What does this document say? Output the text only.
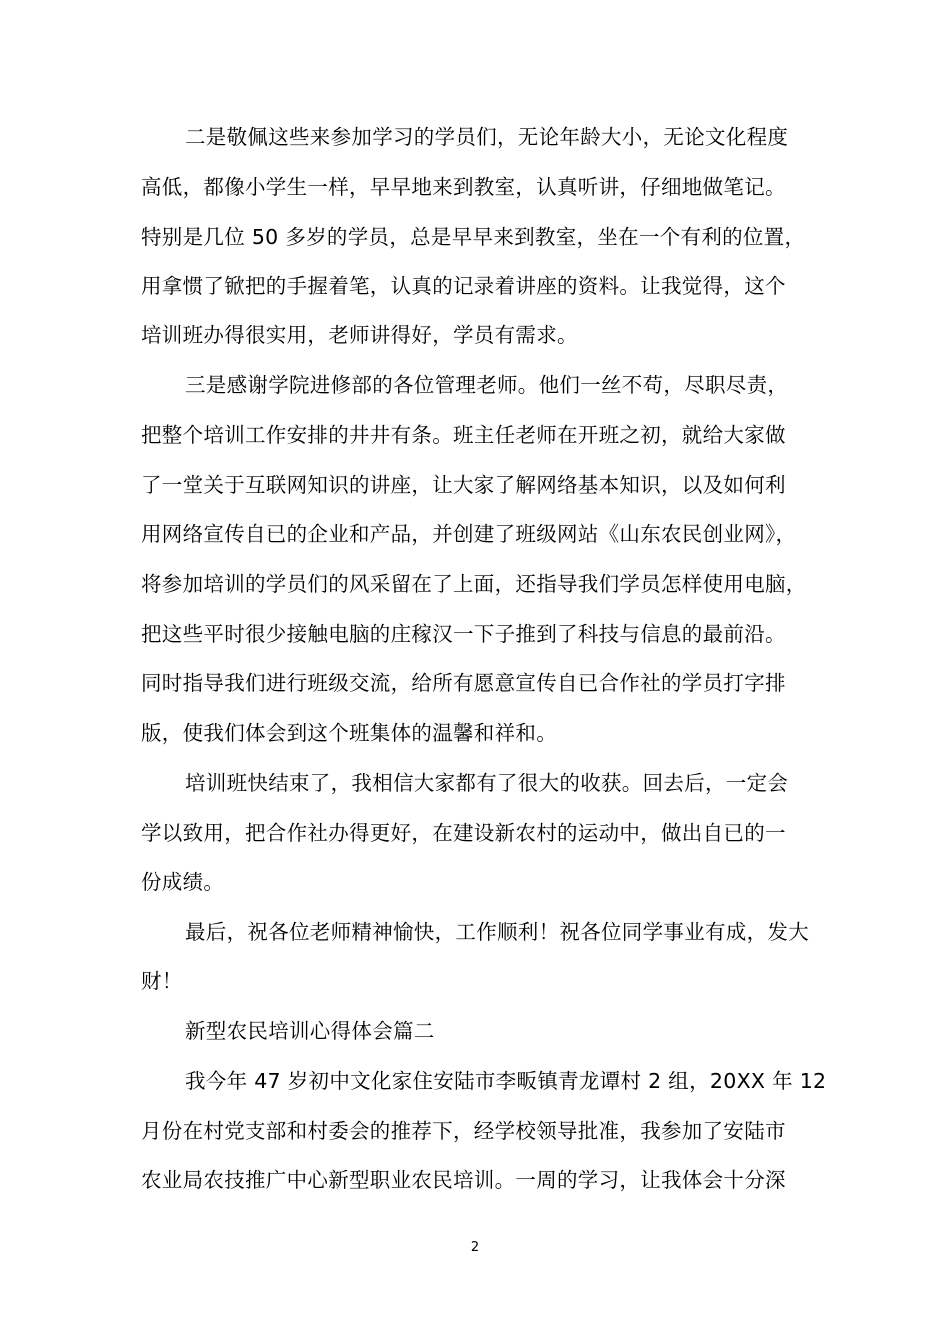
二是敬佩这些来参加学习的学员们，无论年龄大小，无论文化程度
高低，都像小学生一样，早早地来到教室，认真听讲，仔细地做笔记。
特别是几位 50 多岁的学员，总是早早来到教室，坐在一个有利的位置，
用拿惯了锨把的手握着笔，认真的记录着讲座的资料。让我觉得，这个
培训班办得很实用，老师讲得好，学员有需求。
三是感谢学院进修部的各位管理老师。他们一丝不苟，尽职尽责，
把整个培训工作安排的井井有条。班主任老师在开班之初，就给大家做
了一堂关于互联网知识的讲座，让大家了解网络基本知识，以及如何利
用网络宣传自已的企业和产品，并创建了班级网站《山东农民创业网》，
将参加培训的学员们的风采留在了上面，还指导我们学员怎样使用电脑，
把这些平时很少接触电脑的庄稼汉一下子推到了科技与信息的最前沿。
同时指导我们进行班级交流，给所有愿意宣传自已合作社的学员打字排
版，使我们体会到这个班集体的温馨和祥和。
培训班快结束了，我相信大家都有了很大的收获。回去后，一定会
学以致用，把合作社办得更好，在建设新农村的运动中，做出自已的一
份成绩。
最后，祝各位老师精神愉快，工作顺利！祝各位同学事业有成，发大
财！
新型农民培训心得体会篇二
我今年 47 岁初中文化家住安陆市李畈镇青龙谭村 2 组，20XX 年 12
月份在村党支部和村委会的推荐下，经学校领导批准，我参加了安陆市
农业局农技推广中心新型职业农民培训。一周的学习，让我体会十分深
2
